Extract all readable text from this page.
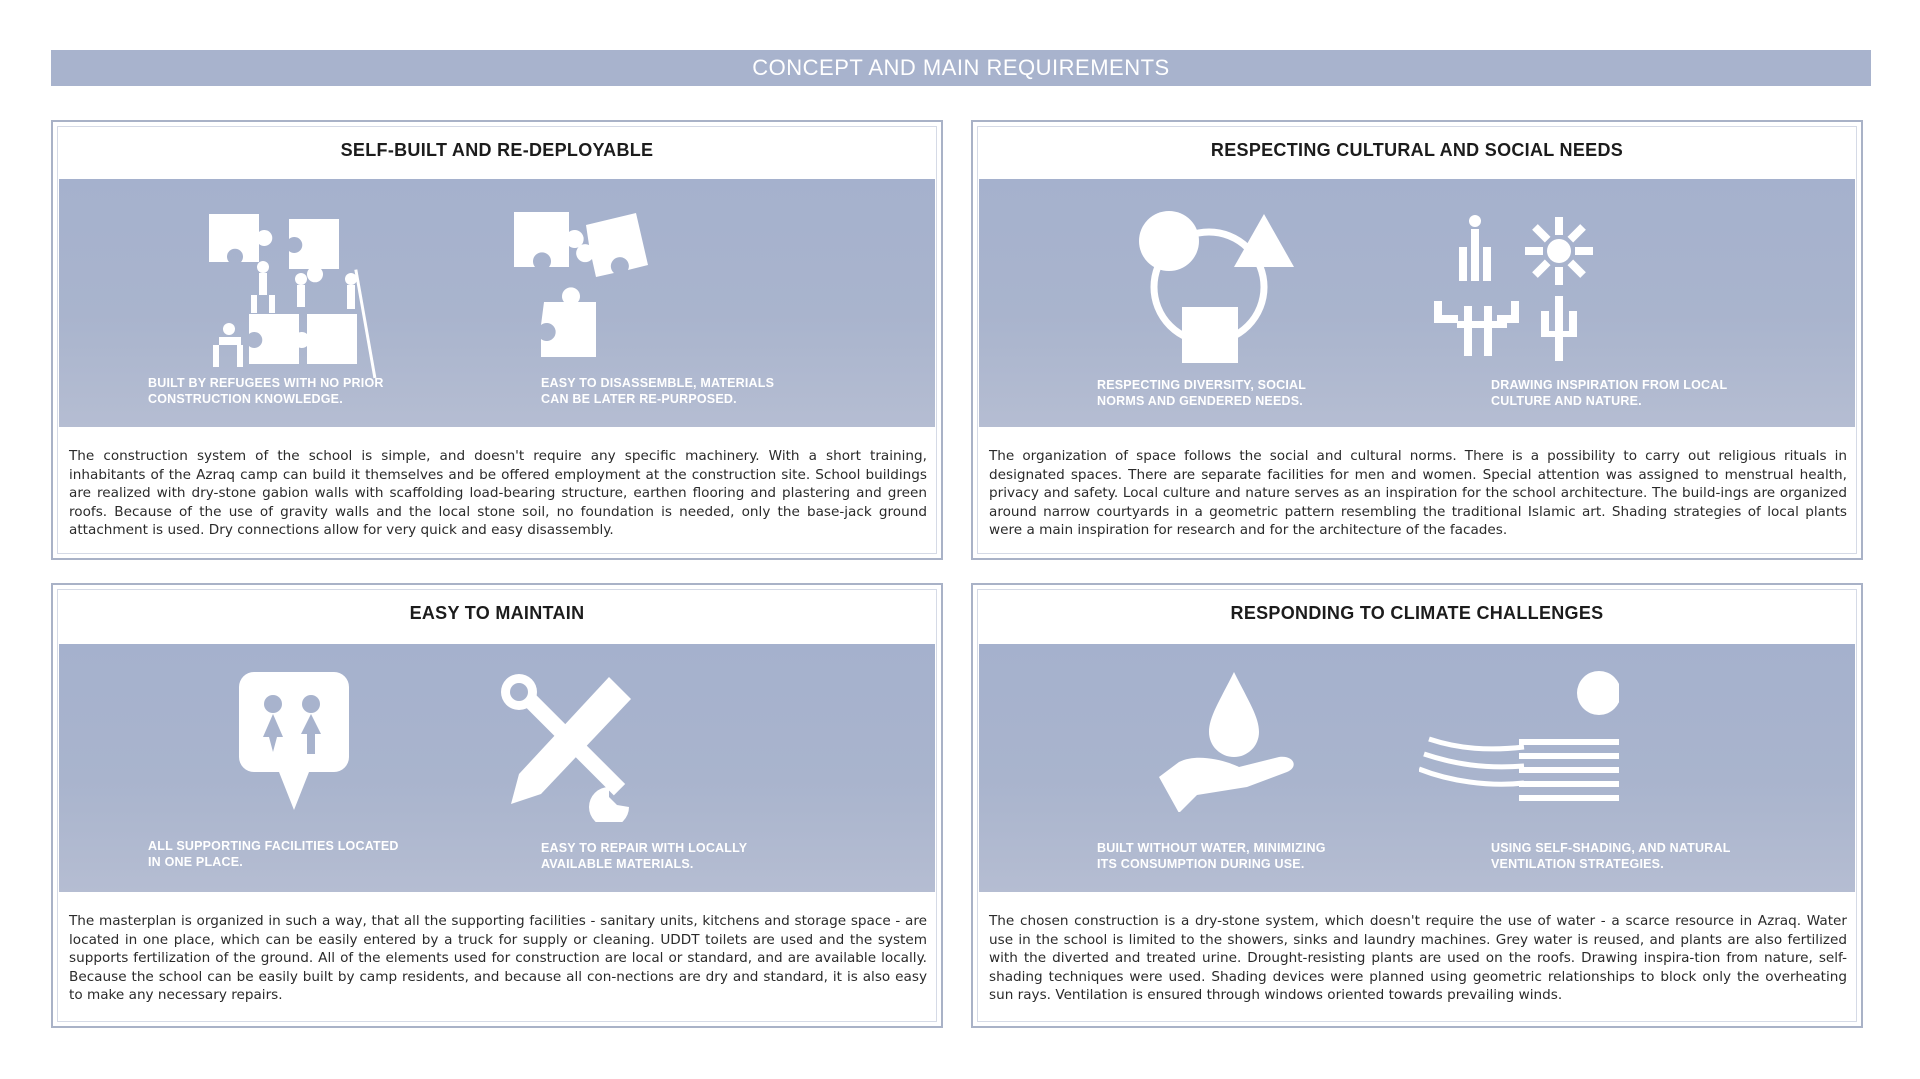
CONCEPT AND MAIN REQUIREMENTS
SELF-BUILT AND RE-DEPLOYABLE
BUILT BY REFUGEES WITH NO PRIOR
CONSTRUCTION KNOWLEDGE.
EASY TO DISASSEMBLE, MATERIALS
CAN BE LATER RE-PURPOSED.
The construction system of the school is simple, and doesn't require any specific machinery. With a short training, inhabitants of the Azraq camp can build it themselves and be offered employment at the construction site. School buildings are realized with dry-stone gabion walls with scaffolding load-bearing structure, earthen flooring and plastering and green roofs. Because of the use of gravity walls and the local stone soil, no foundation is needed, only the base-jack ground attachment is used. Dry connections allow for very quick and easy disassembly.
RESPECTING CULTURAL AND SOCIAL NEEDS
RESPECTING DIVERSITY, SOCIAL
NORMS AND GENDERED NEEDS.
DRAWING INSPIRATION FROM LOCAL
CULTURE AND NATURE.
The organization of space follows the social and cultural norms. There is a possibility to carry out religious rituals in designated spaces. There are separate facilities for men and women. Special attention was assigned to menstrual health, privacy and safety. Local culture and nature serves as an inspiration for the school architecture. The build-ings are organized around narrow courtyards in a geometric pattern resembling the traditional Islamic art. Shading strategies of local plants were a main inspiration for research and for the architecture of the facades.
EASY TO MAINTAIN
ALL SUPPORTING FACILITIES LOCATED
IN ONE PLACE.
EASY TO REPAIR WITH LOCALLY
AVAILABLE MATERIALS.
The masterplan is organized in such a way, that all the supporting facilities - sanitary units, kitchens and storage space - are located in one place, which can be easily entered by a truck for supply or cleaning. UDDT toilets are used and the system supports fertilization of the ground. All of the elements used for construction are local or standard, and are available locally. Because the school can be easily built by camp residents, and because all con-nections are dry and standard, it is also easy to make any necessary repairs.
RESPONDING TO CLIMATE CHALLENGES
BUILT WITHOUT WATER, MINIMIZING
ITS CONSUMPTION DURING USE.
USING SELF-SHADING, AND NATURAL
VENTILATION STRATEGIES.
The chosen construction is a dry-stone system, which doesn't require the use of water - a scarce resource in Azraq. Water use in the school is limited to the showers, sinks and laundry machines. Grey water is reused, and plants are also fertilized with the diverted and treated urine. Drought-resisting plants are used on the roofs. Drawing inspira-tion from nature, self-shading techniques were used. Shading devices were planned using geometric relationships to block only the overheating sun rays. Ventilation is ensured through windows oriented towards prevailing winds.
